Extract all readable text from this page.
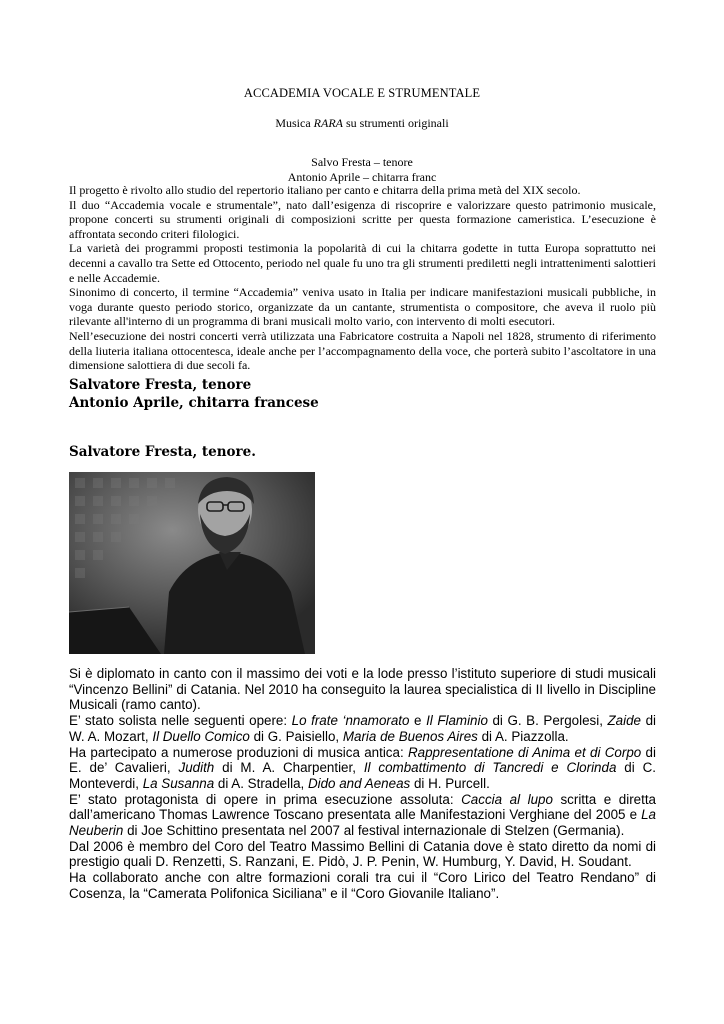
ACCADEMIA VOCALE E STRUMENTALE
Musica RARA su strumenti originali
Salvo Fresta – tenore
Antonio Aprile – chitarra franc

Il progetto è rivolto allo studio del repertorio italiano per canto e chitarra della prima metà del XIX secolo.

Il duo “Accademia vocale e strumentale”, nato dall’esigenza di riscoprire e valorizzare questo patrimonio musicale, propone concerti su strumenti originali di composizioni scritte per questa formazione cameristica. L’esecuzione è affrontata secondo criteri filologici.

La varietà dei programmi proposti testimonia la popolarità di cui la chitarra godette in tutta Europa soprattutto nei decenni a cavallo tra Sette ed Ottocento, periodo nel quale fu uno tra gli strumenti prediletti negli intrattenimenti salottieri e nelle Accademie.

Sinonimo di concerto, il termine “Accademia” veniva usato in Italia per indicare manifestazioni musicali pubbliche, in voga durante questo periodo storico, organizzate da un cantante, strumentista o compositore, che aveva il ruolo più rilevante all'interno di un programma di brani musicali molto vario, con intervento di molti esecutori.

Nell’esecuzione dei nostri concerti verrà utilizzata una Fabricatore costruita a Napoli nel 1828, strumento di riferimento della liuteria italiana ottocentesca, ideale anche per l’accompagnamento della voce, che porterà subito l’ascoltatore in una dimensione salottiera di due secoli fa.

Salvatore Fresta, tenore
Antonio Aprile, chitarra francese
Salvatore Fresta, tenore.

Si è diplomato in canto con il massimo dei voti e la lode presso l’istituto superiore di studi musicali “Vincenzo Bellini” di Catania. Nel 2010 ha conseguito la laurea specialistica di II livello in Discipline Musicali (ramo canto).

E’ stato solista nelle seguenti opere: Lo frate ‘nnamorato e Il Flaminio di G. B. Pergolesi, Zaide di W. A. Mozart, Il Duello Comico di G. Paisiello, Maria de Buenos Aires di A. Piazzolla.

Ha partecipato a numerose produzioni di musica antica: Rappresentatione di Anima et di Corpo di E. de’ Cavalieri, Judith di M. A. Charpentier, Il combattimento di Tancredi e Clorinda di C. Monteverdi, La Susanna di A. Stradella, Dido and Aeneas di H. Purcell.

E’ stato protagonista di opere in prima esecuzione assoluta: Caccia al lupo scritta e diretta dall’americano Thomas Lawrence Toscano presentata alle Manifestazioni Verghiane del 2005 e La Neuberin di Joe Schittino presentata nel 2007 al festival internazionale di Stelzen (Germania).

Dal 2006 è membro del Coro del Teatro Massimo Bellini di Catania dove è stato diretto da nomi di prestigio quali D. Renzetti, S. Ranzani, E. Pidò, J. P. Penin, W. Humburg, Y. David, H. Soudant.

Ha collaborato anche con altre formazioni corali tra cui il “Coro Lirico del Teatro Rendano” di Cosenza, la “Camerata Polifonica Siciliana” e il “Coro Giovanile Italiano”.
